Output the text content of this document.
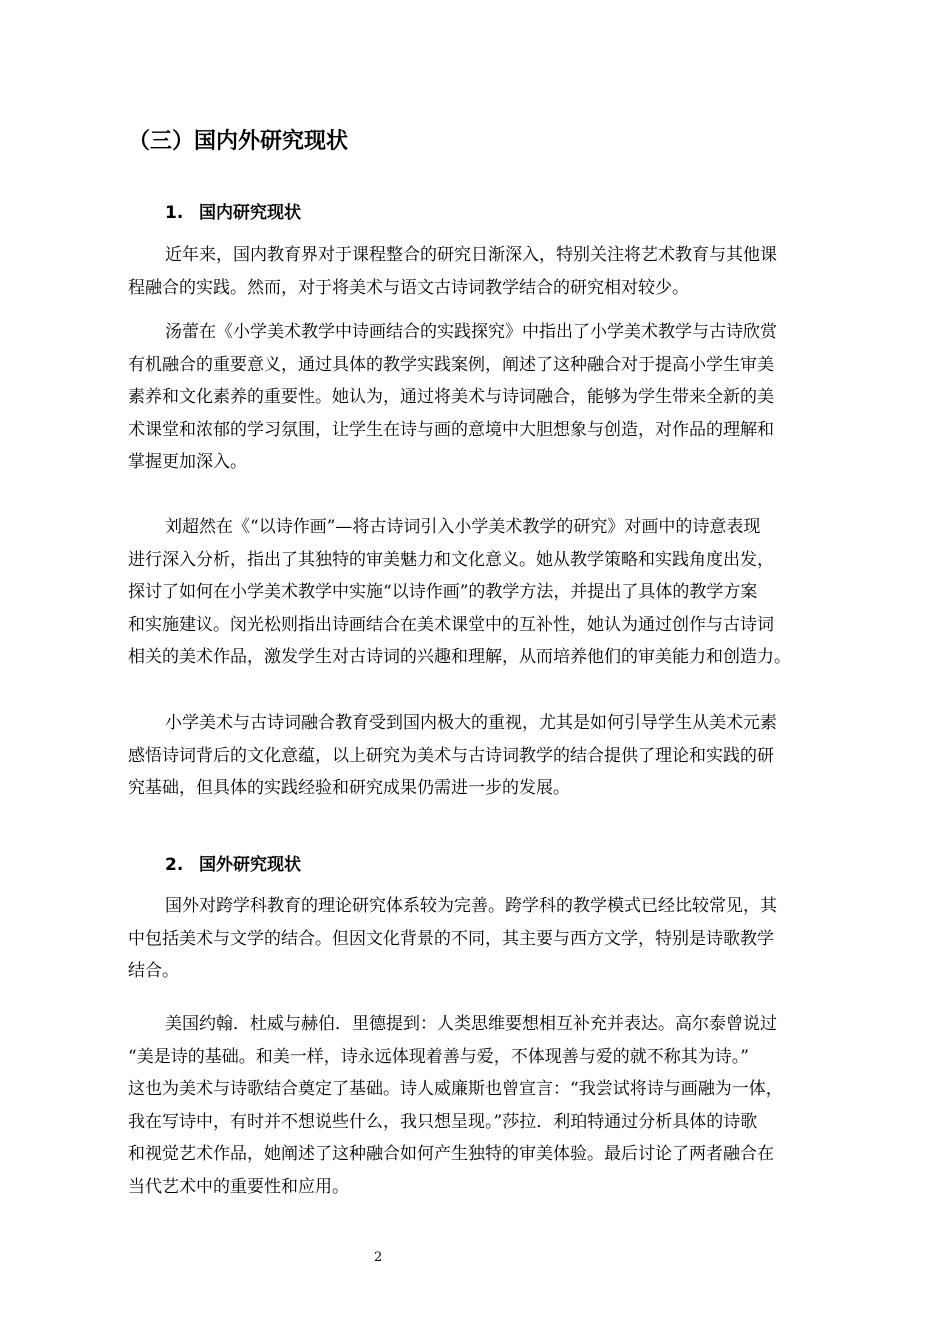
（三）国内外研究现状
1. 国内研究现状
近年来，国内教育界对于课程整合的研究日渐深入，特别关注将艺术教育与其他课
程融合的实践。然而，对于将美术与语文古诗词教学结合的研究相对较少。
汤蕾在《小学美术教学中诗画结合的实践探究》中指出了小学美术教学与古诗欣赏
有机融合的重要意义，通过具体的教学实践案例，阐述了这种融合对于提高小学生审美
素养和文化素养的重要性。她认为，通过将美术与诗词融合，能够为学生带来全新的美
术课堂和浓郁的学习氛围，让学生在诗与画的意境中大胆想象与创造，对作品的理解和
掌握更加深入。
刘超然在《“以诗作画”—将古诗词引入小学美术教学的研究》对画中的诗意表现
进行深入分析，指出了其独特的审美魅力和文化意义。她从教学策略和实践角度出发，
探讨了如何在小学美术教学中实施“以诗作画”的教学方法，并提出了具体的教学方案
和实施建议。闵光松则指出诗画结合在美术课堂中的互补性，她认为通过创作与古诗词
相关的美术作品，激发学生对古诗词的兴趣和理解，从而培养他们的审美能力和创造力。
小学美术与古诗词融合教育受到国内极大的重视，尤其是如何引导学生从美术元素
感悟诗词背后的文化意蕴，以上研究为美术与古诗词教学的结合提供了理论和实践的研
究基础，但具体的实践经验和研究成果仍需进一步的发展。
2. 国外研究现状
国外对跨学科教育的理论研究体系较为完善。跨学科的教学模式已经比较常见，其
中包括美术与文学的结合。但因文化背景的不同，其主要与西方文学，特别是诗歌教学
结合。
美国约翰．杜威与赫伯．里德提到：人类思维要想相互补充并表达。高尔泰曾说过
“美是诗的基础。和美一样，诗永远体现着善与爱，不体现善与爱的就不称其为诗。”
这也为美术与诗歌结合奠定了基础。诗人威廉斯也曾宣言：“我尝试将诗与画融为一体，
我在写诗中，有时并不想说些什么，我只想呈现。”莎拉．利珀特通过分析具体的诗歌
和视觉艺术作品，她阐述了这种融合如何产生独特的审美体验。最后讨论了两者融合在
当代艺术中的重要性和应用。
2
